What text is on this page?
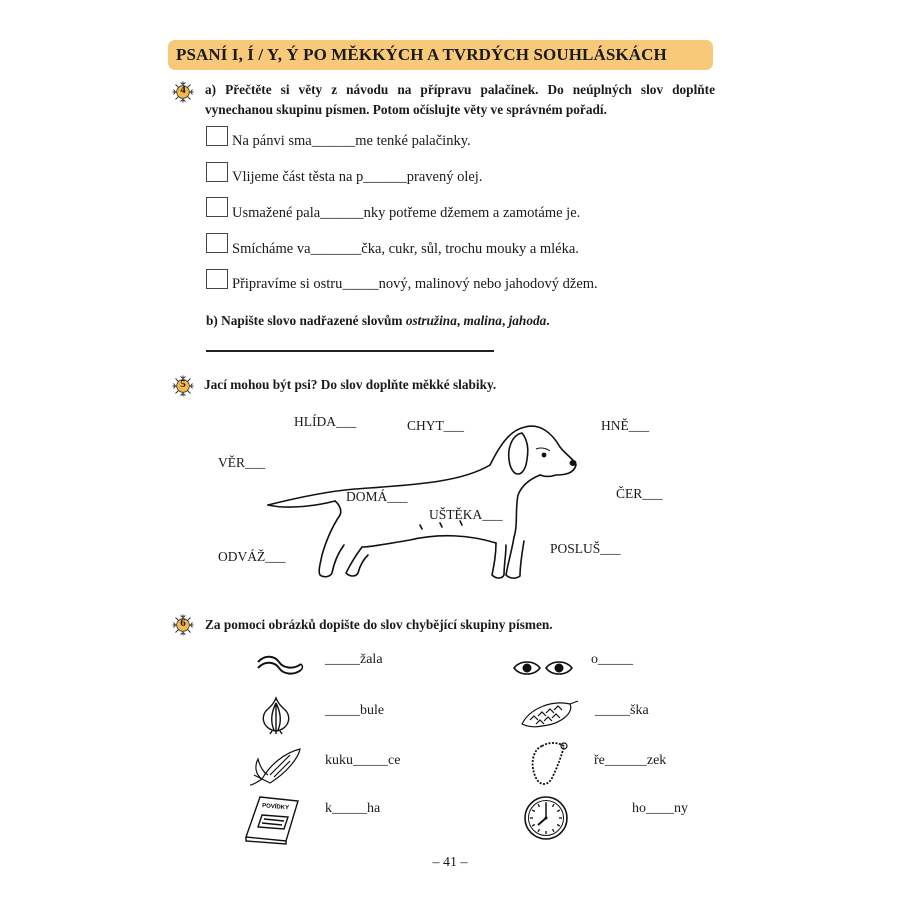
PSANÍ I, Í / Y, Ý PO MĚKKÝCH A TVRDÝCH SOUHLÁSKÁCH
4	a) Přečtěte si věty z návodu na přípravu palačinek. Do neúplných slov doplňte vynechanou skupinu písmen. Potom očíslujte věty ve správném pořadí.
Na pánvi sma______me tenké palačinky.
Vlijeme část těsta na p______pravený olej.
Usmažené pala______nky potřeme džemem a zamotáme je.
Smícháme va_______čka, cukr, sůl, trochu mouky a mléka.
Připravíme si ostru_____nový, malinový nebo jahodový džem.
b) Napište slovo nadřazené slovům ostružina, malina, jahoda.
5	Jací mohou být psi? Do slov doplňte měkké slabiky.
HLÍDA___	CHYT___	HNĚ___
VĚR___
DOMÁ___	ČER___
UŠTĚKA___
ODVÁŽ___
POSLUŠ___
6	Za pomoci obrázků dopište do slov chybějící skupiny písmen.
_____žala	o_____
_____bule	_____ška
kuku_____ce	ře______zek
POVÍDKY	k_____ha	ho____ny
– 41 –
